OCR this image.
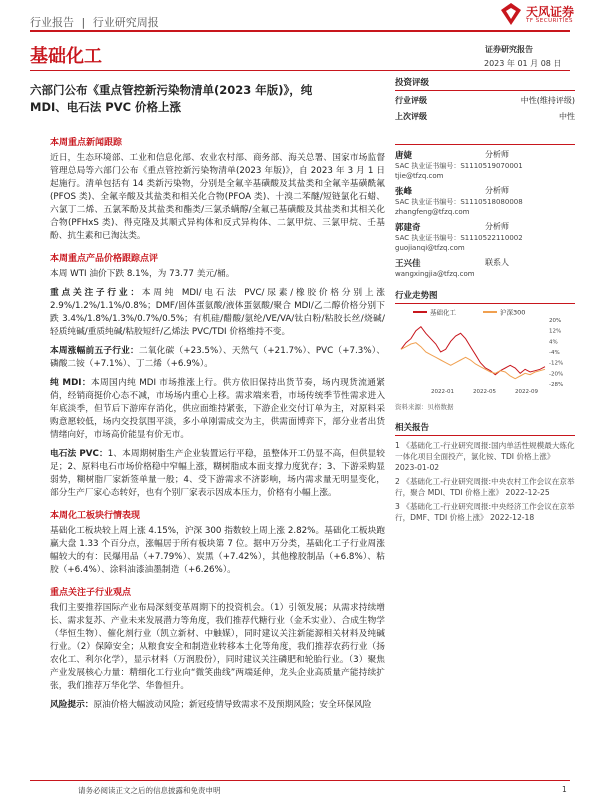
行业报告 | 行业研究周报
天风证券
TF SECURITIES
基础化工	证券研究报告
2023 年 01 月 08 日
六部门公布《重点管控新污染物清单(2023 年版)》，纯
MDI、电石法 PVC 价格上涨

本周重点新闻跟踪

近日，生态环境部、工业和信息化部、农业农村部、商务部、海关总署、国家市场监督管理总局等六部门公布《重点管控新污染物清单(2023 年版)》，自 2023 年 3 月 1 日起施行。清单包括有 14 类新污染物，分别是全氟辛基磺酸及其盐类和全氟辛基磺酰氟(PFOS 类)、全氟辛酸及其盐类和相关化合物(PFOA 类)、十溴二苯醚/短链氯化石蜡、六氯丁二烯、五氯苯酚及其盐类和酯类/三氯杀螨醇/全氟己基磺酸及其盐类和其相关化合物(PFHxS 类)、得克隆及其顺式异构体和反式异构体、二氯甲烷、三氯甲烷、壬基酚、抗生素和已淘汰类。

本周重点产品价格跟踪点评

本周 WTI 油价下跌 8.1%，为 73.77 美元/桶。

重点关注子行业：本周纯 MDI/电石法 PVC/尿素/橡胶价格分别上涨 2.9%/1.2%/1.1%/0.8%；DMF/固体蛋氨酸/液体蛋氨酸/聚合 MDI/乙二醇价格分别下跌 3.4%/1.8%/1.3%/0.7%/0.5%；有机硅/醋酸/氨纶/VE/VA/钛白粉/粘胶长丝/烧碱/轻质纯碱/重质纯碱/粘胶短纤/乙烯法 PVC/TDI 价格维持不变。

本周涨幅前五子行业：二氧化碳（+23.5%）、天然气（+21.7%）、PVC（+7.3%）、磷酸二铵（+7.1%）、丁二烯（+6.9%）。

纯 MDI：本周国内纯 MDI 市场推涨上行。供方依旧保持出货节奏，场内现货流通紧俏，经销商挺价心态不减，市场场内重心上移。需求端来看，市场传统季节性需求进入年底淡季，但节后下游库存消化，供应面维持紧张，下游企业交付订单为主，对原料采购意愿较低，场内交投氛围平淡，多小单刚需成交为主，供需面博弈下，部分业者出货情绪向好，市场高价能显有价无市。

电石法 PVC：1、本周期树脂生产企业装置运行平稳，虽整体开工仍显不高，但供显较足；2、原料电石市场价格稳中窄幅上涨，糊树脂成本面支撑力度犹存；3、下游采购显弱势，糊树脂厂家新签单量一般；4、受下游需求不济影响，场内需求量无明显变化，部分生产厂家心态转好，也有个别厂家表示因成本压力，价格有小幅上涨。

本周化工板块行情表现

基础化工板块较上周上涨 4.15%，沪深 300 指数较上周上涨 2.82%。基础化工板块跑赢大盘 1.33 个百分点，涨幅居于所有板块第 7 位。据申万分类，基础化工子行业周涨幅较大的有：民爆用品（+7.79%）、炭黑（+7.42%），其他橡胶制品（+6.8%）、粘胶（+6.4%）、涂料油漆油墨制造（+6.26%）。

重点关注子行业观点

我们主要推荐国际产业布局深刻变革周期下的投资机会。（1）引领发展；从需求持续增长、需求复苏、产业未来发展潜力等角度，我们推荐代糖行业（金禾实业）、合成生物学（华恒生物）、催化剂行业（凯立新材、中触媒），同时建议关注新能源相关材料及纯碱行业。（2）保障安全；从粮食安全和制造业转移本土化等角度，我们推荐农药行业（扬农化工、利尔化学），显示材料（万润股份），同时建议关注磷肥和轮胎行业。（3）聚焦产业发展核心力量：精细化工行业向“微笑曲线”两端延伸，龙头企业高质量产能持续扩张，我们推荐万华化学、华鲁恒升。

风险提示：原油价格大幅波动风险；新冠疫情导致需求不及预期风险；安全环保风险

投资评级
行业评级	中性(维持评级)
上次评级	中性
作者
唐婕	分析师
SAC 执业证书编号：S1110519070001
tjie@tfzq.com
张峰	分析师
SAC 执业证书编号：S1110518080008
zhangfeng@tfzq.com
郭建奇	分析师
SAC 执业证书编号：S1110522110002
guojianqi@tfzq.com
王兴佳	联系人
wangxingjia@tfzq.com
行业走势图
基础化工	沪深300
20%
12%
4%
-4%
-12%
-20%
-28%
2022-01	2022-05	2022-09
资料来源：贝格数据
相关报告
1 《基础化工-行业研究周报:国内单活性规模最大炼化一体化项目全面投产，氯化铵、TDI 价格上涨》 2023-01-02
2 《基础化工-行业研究周报:中央农村工作会议在京举行，聚合 MDI、TDI 价格上涨》 2022-12-25
3 《基础化工-行业研究周报:中央经济工作会议在京举行，DMF、TDI 价格上涨》 2022-12-18
请务必阅读正文之后的信息披露和免责申明	1
